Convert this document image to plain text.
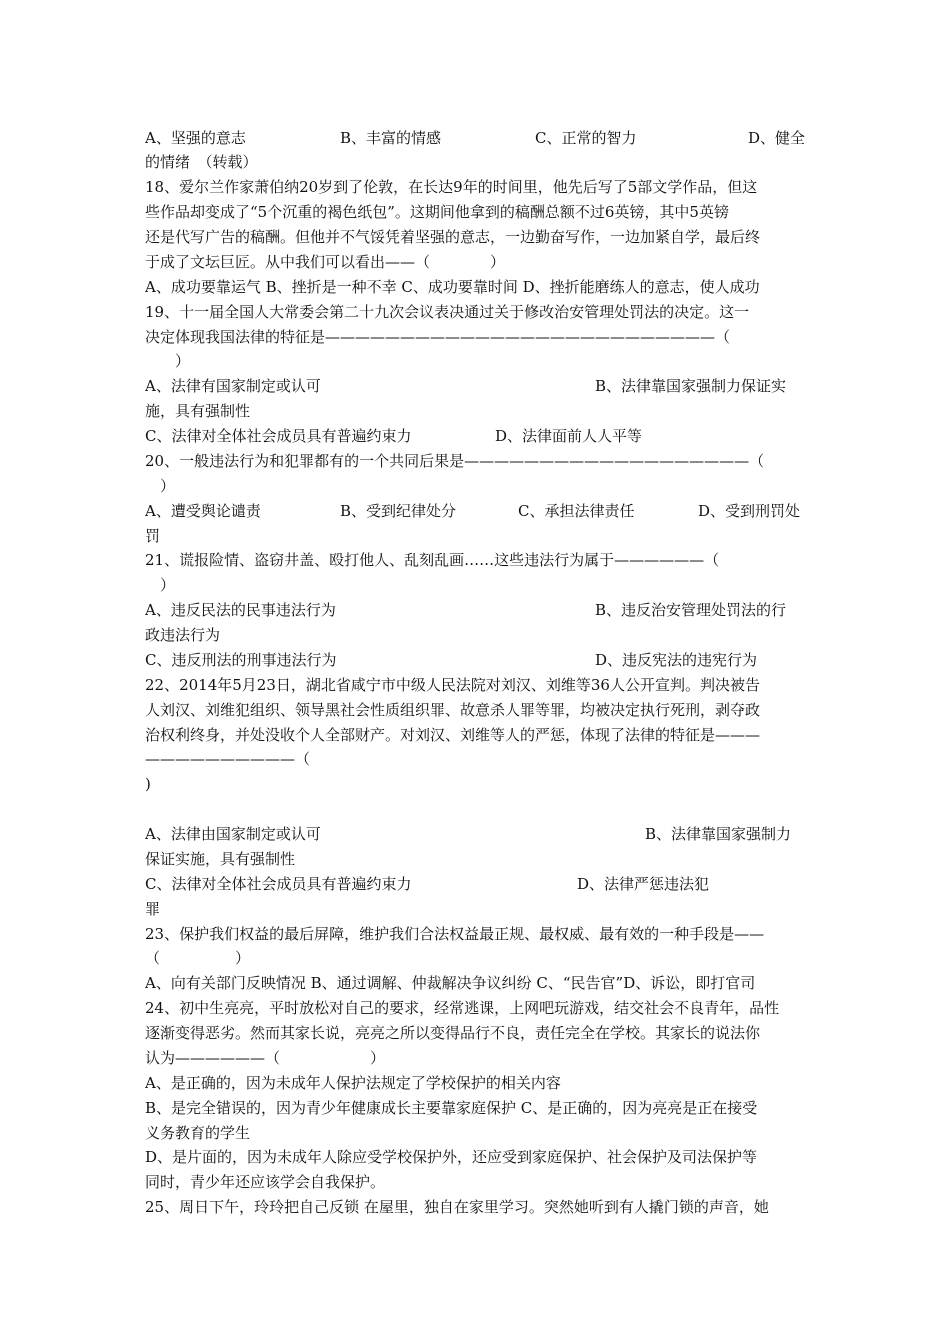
A、坚强的意志	B、丰富的情感	C、正常的智力	D、健全
的情绪　（转载）
18、爱尔兰作家萧伯纳20岁到了伦敦，在长达9年的时间里，他先后写了5部文学作品，但这
些作品却变成了“5个沉重的褐色纸包”。这期间他拿到的稿酬总额不过6英镑，其中5英镑
还是代写广告的稿酬。但他并不气馁凭着坚强的意志，一边勤奋写作，一边加紧自学，最后终
于成了文坛巨匠。从中我们可以看出——（　　　　）
A、成功要靠运气 B、挫折是一种不幸 C、成功要靠时间 D、挫折能磨练人的意志，使人成功
19、十一届全国人大常委会第二十九次会议表决通过关于修改治安管理处罚法的决定。这一
决定体现我国法律的特征是——————————————————————————（
　　）
A、法律有国家制定或认可	B、法律靠国家强制力保证实
施，具有强制性
C、法律对全体社会成员具有普遍约束力	D、法律面前人人平等
20、一般违法行为和犯罪都有的一个共同后果是———————————————————（
　）
A、遭受舆论谴责	B、受到纪律处分	C、承担法律责任	D、受到刑罚处
罚
21、谎报险情、盗窃井盖、殴打他人、乱刻乱画……这些违法行为属于——————（
　）
A、违反民法的民事违法行为	B、违反治安管理处罚法的行
政违法行为
C、违反刑法的刑事违法行为	D、违反宪法的违宪行为
22、2014年5月23日，湖北省咸宁市中级人民法院对刘汉、刘维等36人公开宣判。判决被告
人刘汉、刘维犯组织、领导黑社会性质组织罪、故意杀人罪等罪，均被决定执行死刑，剥夺政
治权利终身，并处没收个人全部财产。对刘汉、刘维等人的严惩，体现了法律的特征是———
——————————（
)
A、法律由国家制定或认可	B、法律靠国家强制力
保证实施，具有强制性
C、法律对全体社会成员具有普遍约束力	D、法律严惩违法犯
罪
23、保护我们权益的最后屏障，维护我们合法权益最正规、最权威、最有效的一种手段是——
（　　　　　）
A、向有关部门反映情况 B、通过调解、仲裁解决争议纠纷 C、“民告官”D、诉讼，即打官司
24、初中生亮亮，平时放松对自己的要求，经常逃课，上网吧玩游戏，结交社会不良青年，品性
逐渐变得恶劣。然而其家长说，亮亮之所以变得品行不良，责任完全在学校。其家长的说法你
认为——————（　　　　　　）
A、是正确的，因为未成年人保护法规定了学校保护的相关内容
B、是完全错误的，因为青少年健康成长主要靠家庭保护 C、是正确的，因为亮亮是正在接受
义务教育的学生
D、是片面的，因为未成年人除应受学校保护外，还应受到家庭保护、社会保护及司法保护等
同时，青少年还应该学会自我保护。
25、周日下午，玲玲把自己反锁 在屋里，独自在家里学习。突然她听到有人撬门锁的声音，她
